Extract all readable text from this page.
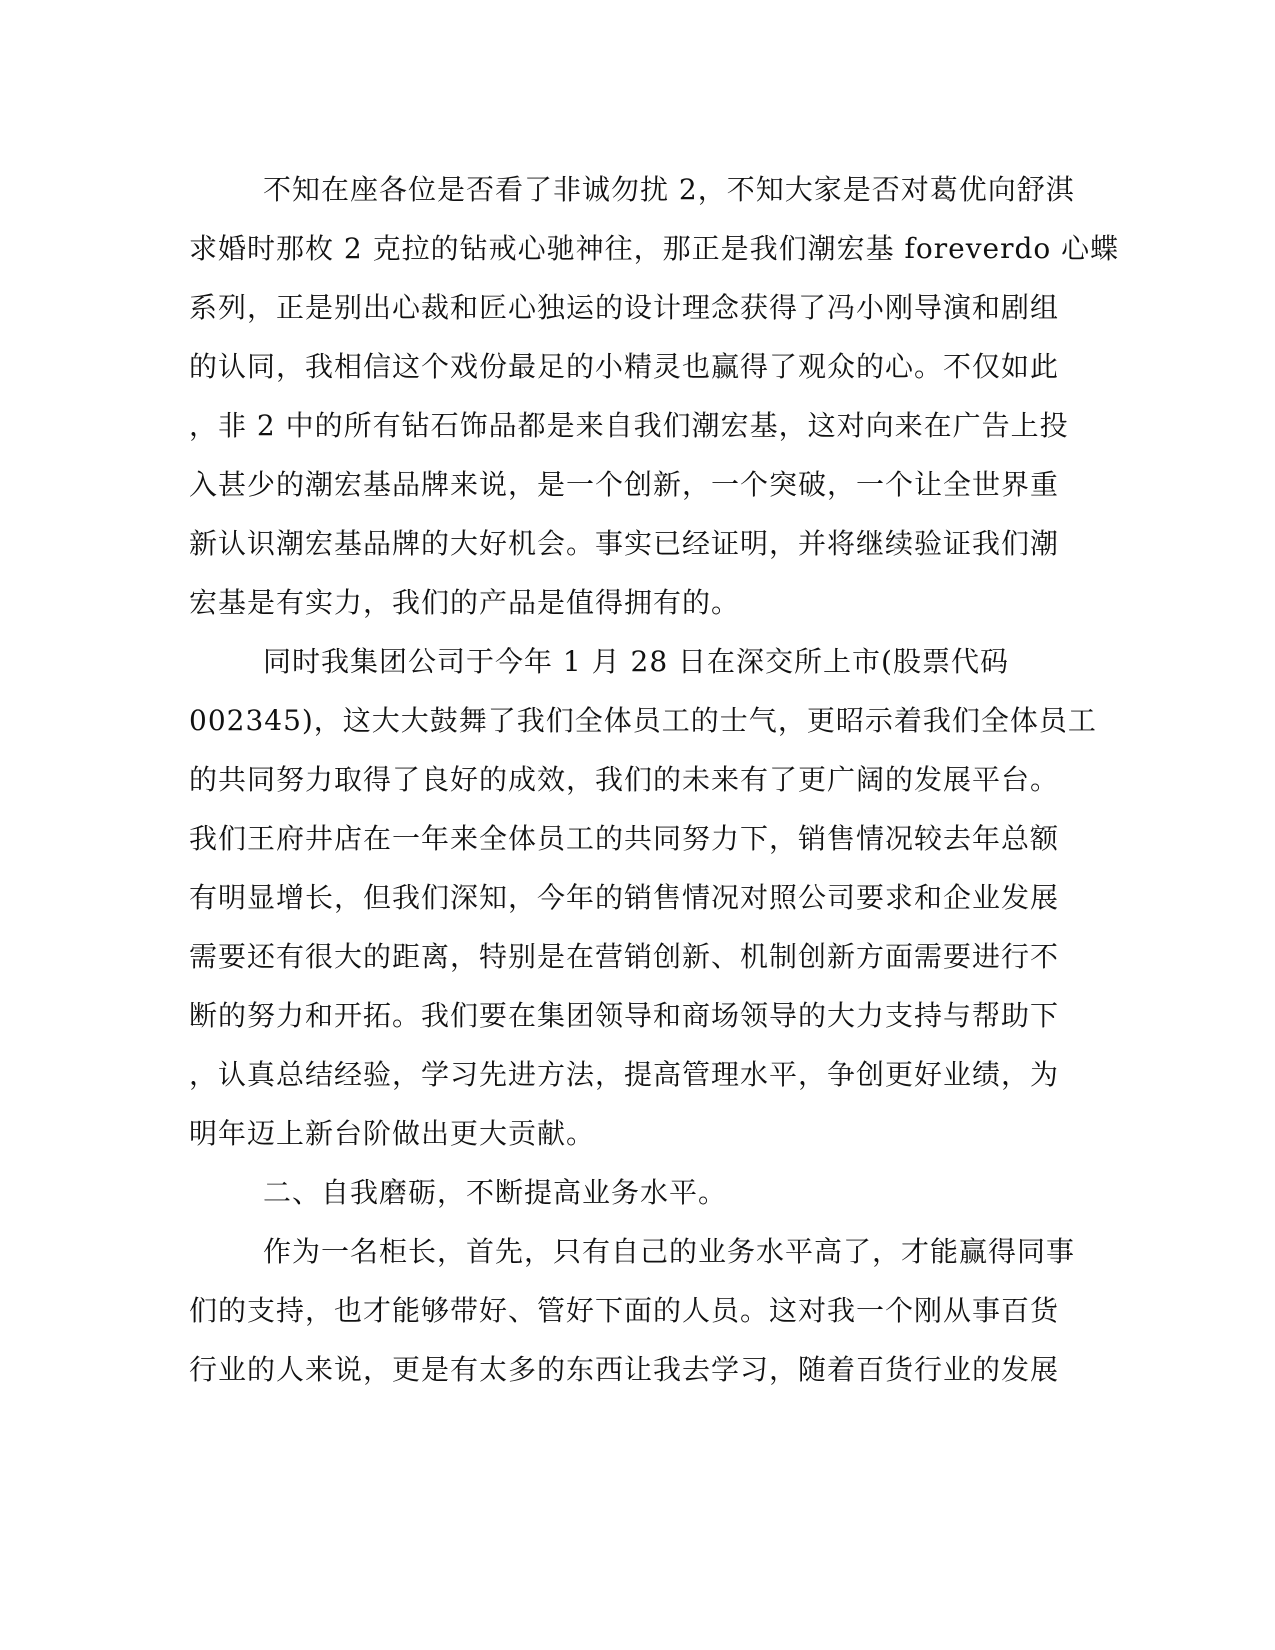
不知在座各位是否看了非诚勿扰 2，不知大家是否对葛优向舒淇
求婚时那枚 2 克拉的钻戒心驰神往，那正是我们潮宏基 foreverdo 心蝶
系列，正是别出心裁和匠心独运的设计理念获得了冯小刚导演和剧组
的认同，我相信这个戏份最足的小精灵也赢得了观众的心。不仅如此
，非 2 中的所有钻石饰品都是来自我们潮宏基，这对向来在广告上投
入甚少的潮宏基品牌来说，是一个创新，一个突破，一个让全世界重
新认识潮宏基品牌的大好机会。事实已经证明，并将继续验证我们潮
宏基是有实力，我们的产品是值得拥有的。
同时我集团公司于今年 1 月 28 日在深交所上市(股票代码
002345)，这大大鼓舞了我们全体员工的士气，更昭示着我们全体员工
的共同努力取得了良好的成效，我们的未来有了更广阔的发展平台。
我们王府井店在一年来全体员工的共同努力下，销售情况较去年总额
有明显增长，但我们深知，今年的销售情况对照公司要求和企业发展
需要还有很大的距离，特别是在营销创新、机制创新方面需要进行不
断的努力和开拓。我们要在集团领导和商场领导的大力支持与帮助下
，认真总结经验，学习先进方法，提高管理水平，争创更好业绩，为
明年迈上新台阶做出更大贡献。
二、自我磨砺，不断提高业务水平。
作为一名柜长，首先，只有自己的业务水平高了，才能赢得同事
们的支持，也才能够带好、管好下面的人员。这对我一个刚从事百货
行业的人来说，更是有太多的东西让我去学习，随着百货行业的发展
